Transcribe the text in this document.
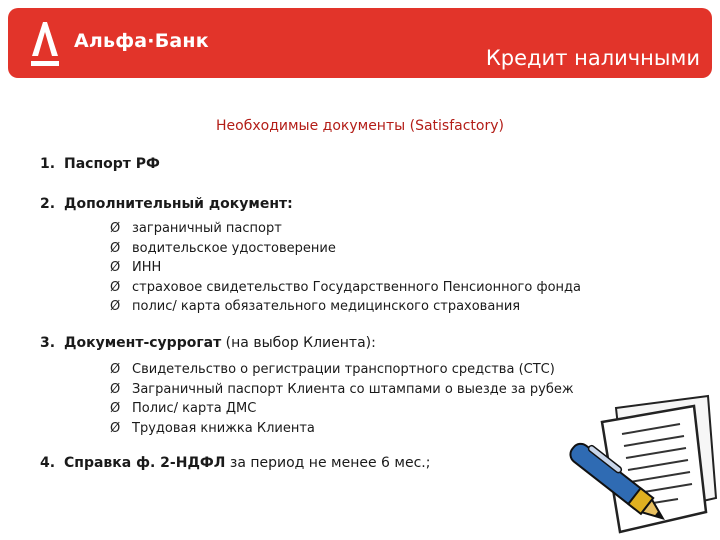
Альфа·Банк
Кредит наличными
Необходимые документы (Satisfactory)
1. Паспорт РФ
2. Дополнительный документ:
Ø заграничный паспорт
Ø водительское удостоверение
Ø ИНН
Ø страховое свидетельство Государственного Пенсионного фонда
Ø полис/ карта обязательного медицинского страхования
3. Документ-суррогат (на выбор Клиента):
Ø Свидетельство о регистрации транспортного средства (СТС)
Ø Заграничный паспорт Клиента со штампами о выезде за рубеж
Ø Полис/ карта ДМС
Ø Трудовая книжка Клиента
4. Справка ф. 2-НДФЛ за период не менее 6 мес.;
